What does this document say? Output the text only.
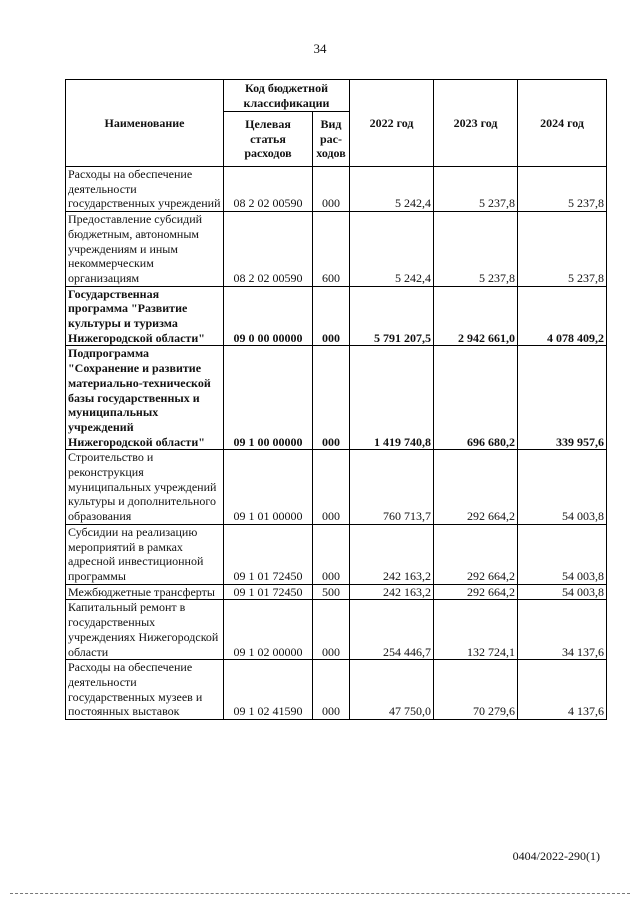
34
Наименование	Код бюджетной классификации		2022 год	2023 год	2024 год
	Целевая статья расходов	Вид рас-ходов			
Расходы на обеспечение деятельности государственных учреждений	08 2 02 00590	000	5 242,4	5 237,8	5 237,8
Предоставление субсидий бюджетным, автономным учреждениям и иным некоммерческим организациям	08 2 02 00590	600	5 242,4	5 237,8	5 237,8
Государственная программа "Развитие культуры и туризма Нижегородской области"	09 0 00 00000	000	5 791 207,5	2 942 661,0	4 078 409,2
Подпрограмма "Сохранение и развитие материально-технической базы государственных и муниципальных учреждений Нижегородской области"	09 1 00 00000	000	1 419 740,8	696 680,2	339 957,6
Строительство и реконструкция муниципальных учреждений культуры и дополнительного образования	09 1 01 00000	000	760 713,7	292 664,2	54 003,8
Субсидии на реализацию мероприятий в рамках адресной инвестиционной программы	09 1 01 72450	000	242 163,2	292 664,2	54 003,8
Межбюджетные трансферты	09 1 01 72450	500	242 163,2	292 664,2	54 003,8
Капитальный ремонт в государственных учреждениях Нижегородской области	09 1 02 00000	000	254 446,7	132 724,1	34 137,6
Расходы на обеспечение деятельности государственных музеев и постоянных выставок	09 1 02 41590	000	47 750,0	70 279,6	4 137,6
0404/2022-290(1)
